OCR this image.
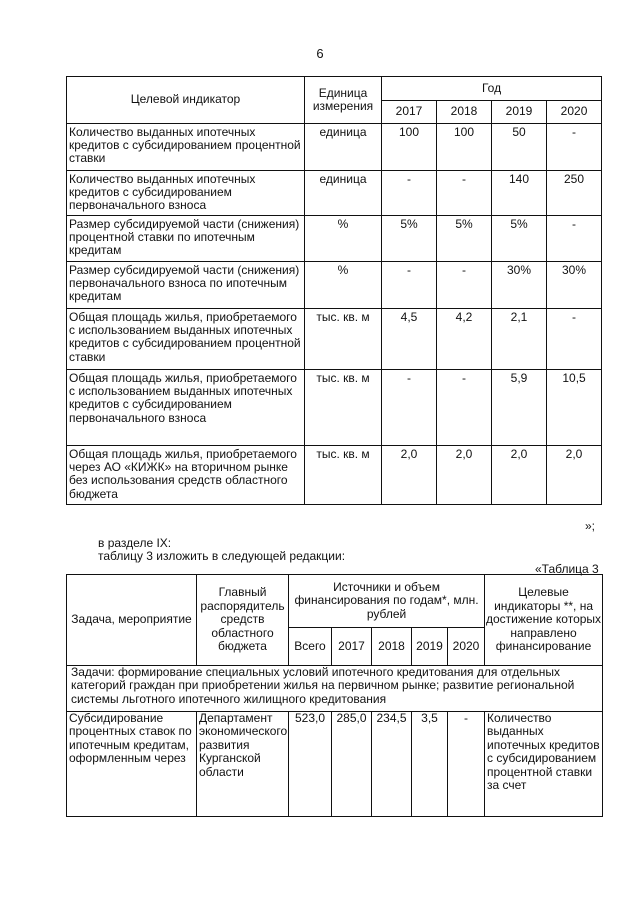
6
Целевой индикатор	Единица измерения	Год			
		2017	2018	2019	2020
Количество выданных ипотечных кредитов с субсидированием процентной ставки	единица	100	100	50	-
Количество выданных ипотечных кредитов с субсидированием первоначального взноса	единица	-	-	140	250
Размер субсидируемой части (снижения) процентной ставки по ипотечным кредитам	%	5%	5%	5%	-
Размер субсидируемой части (снижения) первоначального взноса по ипотечным кредитам	%	-	-	30%	30%
Общая площадь жилья, приобретаемого с использованием выданных ипотечных кредитов с субсидированием процентной ставки	тыс. кв. м	4,5	4,2	2,1	-
Общая площадь жилья, приобретаемого с использованием выданных ипотечных кредитов с субсидированием первоначального взноса	тыс. кв. м	-	-	5,9	10,5
Общая площадь жилья, приобретаемого через АО «КИЖК» на вторичном рынке без использования средств областного бюджета	тыс. кв. м	2,0	2,0	2,0	2,0
»;
в разделе IX:
таблицу 3 изложить в следующей редакции:
«Таблица 3
Задача, мероприятие	Главный распорядитель средств областного бюджета	Источники и объем финансирования по годам*, млн. рублей					Целевые индикаторы **, на достижение которых направлено финансирование
		Всего	2017	2018	2019	2020	
Задачи: формирование специальных условий ипотечного кредитования для отдельных категорий граждан при приобретении жилья на первичном рынке; развитие региональной системы льготного ипотечного жилищного кредитования							

Субсидирование процентных ставок по ипотечным кредитам, оформленным через	Департамент экономического развития Курганской области	523,0	285,0	234,5	3,5	-	Количество выданных ипотечных кредитов с субсидированием процентной ставки за счет
